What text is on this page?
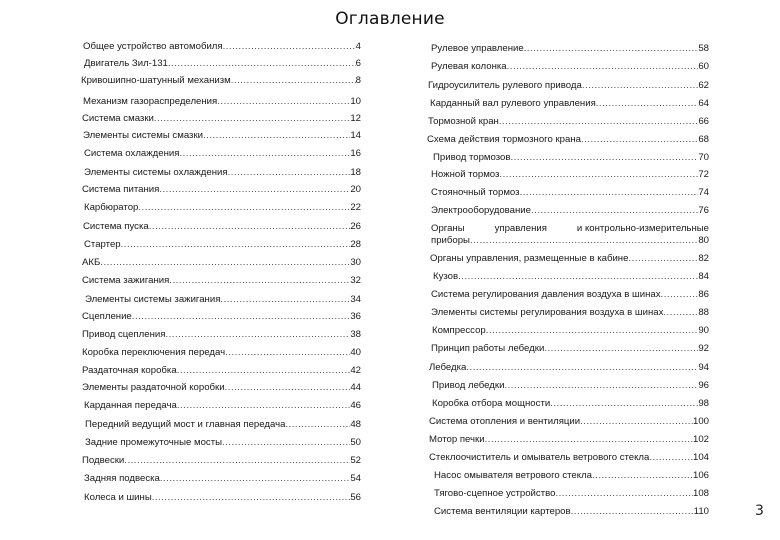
Оглавление
Общее устройство автомобиля .....	4
Двигатель Зил-131 .....	6
Кривошипно-шатунный механизм .....	8
Механизм газораспределения .....	10
Система смазки .....	12
Элементы системы смазки .....	14
Система охлаждения .....	16
Элементы системы охлаждения .....	18
Система питания .....	20
Карбюратор .....	22
Система пуска .....	26
Стартер .....	28
АКБ .....	30
Система зажигания .....	32
Элементы системы зажигания .....	34
Сцепление .....	36
Привод сцепления .....	38
Коробка переключения передач .....	40
Раздаточная коробка .....	42
Элементы раздаточной коробки .....	44
Карданная передача .....	46
Передний ведущий мост и главная передача .....	48
Задние промежуточные мосты .....	50
Подвески .....	52
Задняя подвеска .....	54
Колеса и шины .....	56
Рулевое управление .....	58
Рулевая колонка .....	60
Гидроусилитель рулевого привода .....	62
Карданный вал рулевого управления .....	64
Тормозной кран .....	66
Схема действия тормозного крана .....	68
Привод тормозов .....	70
Ножной тормоз .....	72
Стояночный тормоз .....	74
Электрооборудование .....	76
Органы	управления	и контрольно-измерительные
приборы .....	80
Органы управления, размещенные в кабине .....	82
Кузов .....	84
Система регулирования давления воздуха в шинах .....	86
Элементы системы регулирования воздуха в шинах .....	88
Компрессор .....	90
Принцип работы лебедки .....	92
Лебедка .....	94
Привод лебедки .....	96
Коробка отбора мощности .....	98
Система отопления и вентиляции .....	100
Мотор печки .....	102
Стеклоочиститель и омыватель ветрового стекла .....	104
Насос омывателя ветрового стекла .....	106
Тягово-сцепное устройство .....	108
Система вентиляции картеров .....	110	3
